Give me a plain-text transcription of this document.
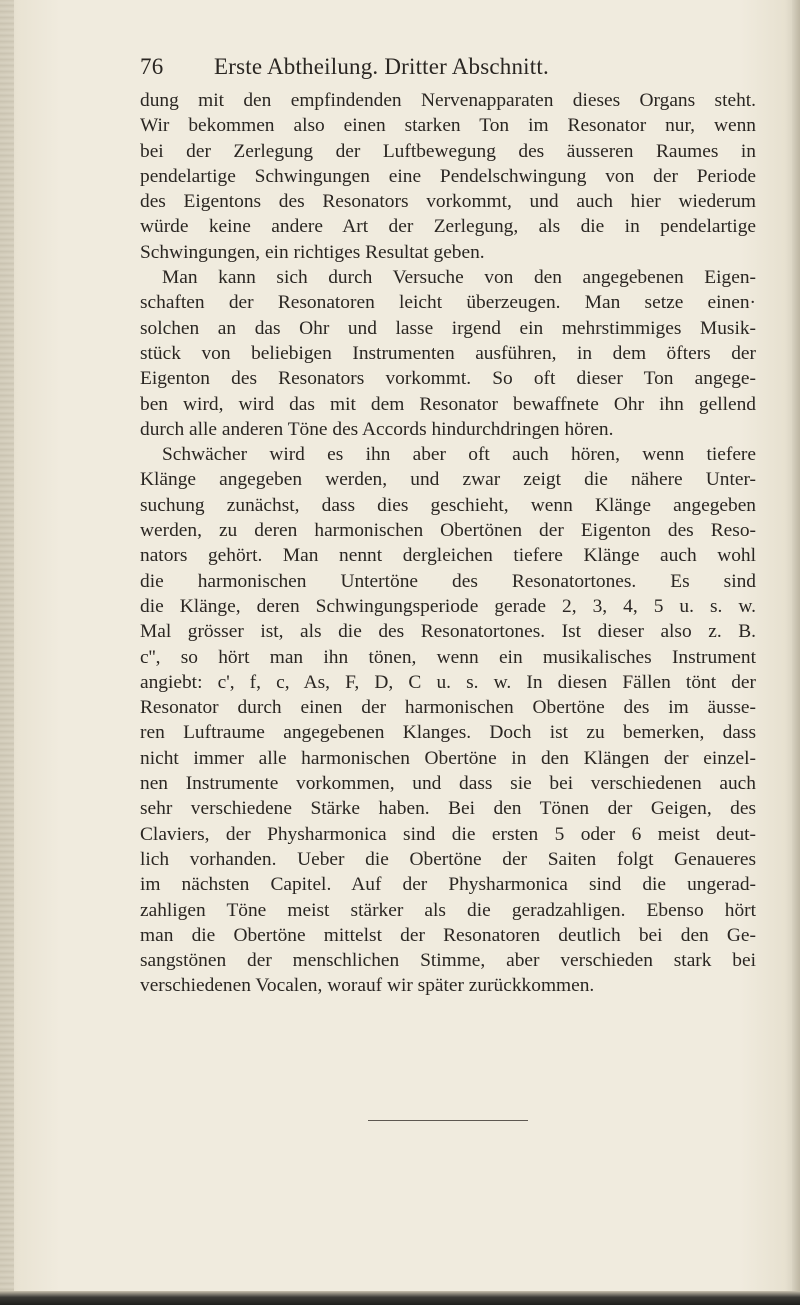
76 Erste Abtheilung. Dritter Abschnitt.
dung mit den empfindenden Nervenapparaten dieses Organs steht.
Wir bekommen also einen starken Ton im Resonator nur, wenn
bei der Zerlegung der Luftbewegung des äusseren Raumes in
pendelartige Schwingungen eine Pendelschwingung von der Periode
des Eigentons des Resonators vorkommt, und auch hier wiederum
würde keine andere Art der Zerlegung, als die in pendelartige
Schwingungen, ein richtiges Resultat geben.
Man kann sich durch Versuche von den angegebenen Eigen-
schaften der Resonatoren leicht überzeugen. Man setze einen·
solchen an das Ohr und lasse irgend ein mehrstimmiges Musik-
stück von beliebigen Instrumenten ausführen, in dem öfters der
Eigenton des Resonators vorkommt. So oft dieser Ton angege-
ben wird, wird das mit dem Resonator bewaffnete Ohr ihn gellend
durch alle anderen Töne des Accords hindurchdringen hören.
Schwächer wird es ihn aber oft auch hören, wenn tiefere
Klänge angegeben werden, und zwar zeigt die nähere Unter-
suchung zunächst, dass dies geschieht, wenn Klänge angegeben
werden, zu deren harmonischen Obertönen der Eigenton des Reso-
nators gehört. Man nennt dergleichen tiefere Klänge auch wohl
die harmonischen Untertöne des Resonatortones. Es sind
die Klänge, deren Schwingungsperiode gerade 2, 3, 4, 5 u. s. w.
Mal grösser ist, als die des Resonatortones. Ist dieser also z. B.
c'', so hört man ihn tönen, wenn ein musikalisches Instrument
angiebt: c', f, c, As, F, D, C u. s. w. In diesen Fällen tönt der
Resonator durch einen der harmonischen Obertöne des im äusse-
ren Luftraume angegebenen Klanges. Doch ist zu bemerken, dass
nicht immer alle harmonischen Obertöne in den Klängen der einzel-
nen Instrumente vorkommen, und dass sie bei verschiedenen auch
sehr verschiedene Stärke haben. Bei den Tönen der Geigen, des
Claviers, der Physharmonica sind die ersten 5 oder 6 meist deut-
lich vorhanden. Ueber die Obertöne der Saiten folgt Genaueres
im nächsten Capitel. Auf der Physharmonica sind die ungerad-
zahligen Töne meist stärker als die geradzahligen. Ebenso hört
man die Obertöne mittelst der Resonatoren deutlich bei den Ge-
sangstönen der menschlichen Stimme, aber verschieden stark bei
verschiedenen Vocalen, worauf wir später zurückkommen.
